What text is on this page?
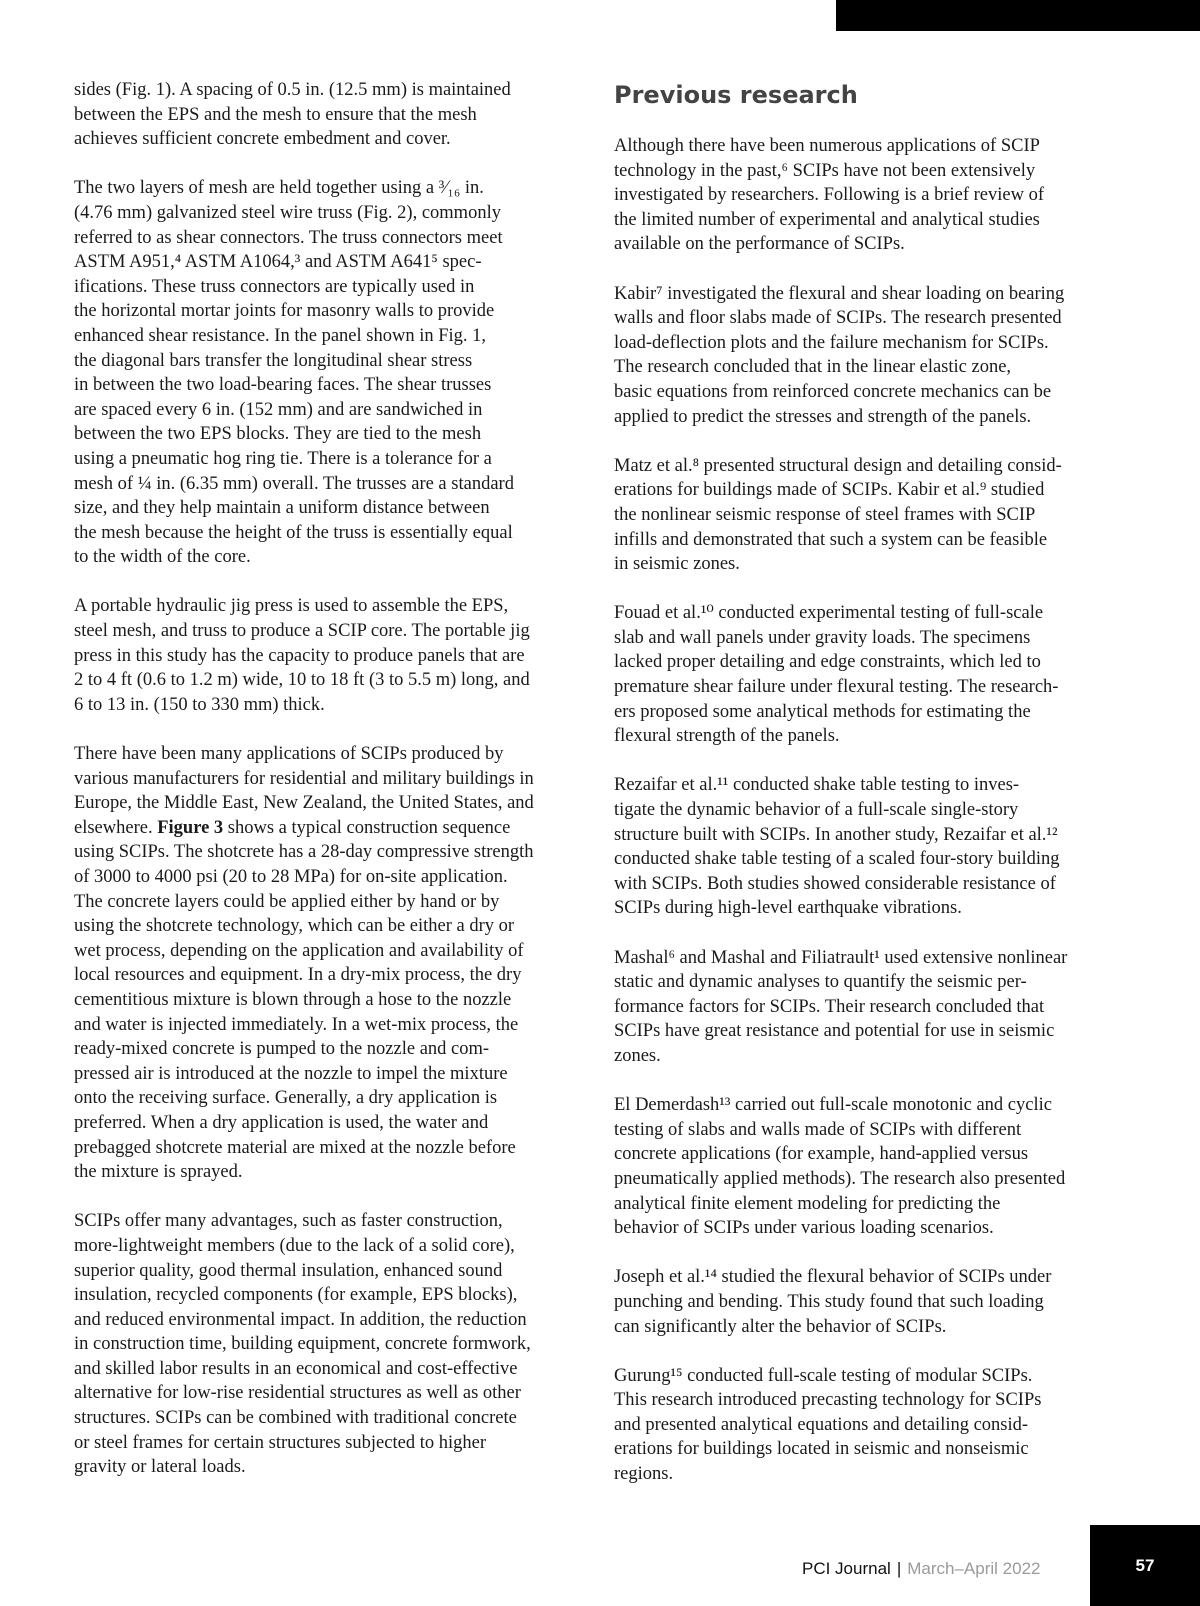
sides (Fig. 1). A spacing of 0.5 in. (12.5 mm) is maintained
between the EPS and the mesh to ensure that the mesh
achieves sufficient concrete embedment and cover.
The two layers of mesh are held together using a ³⁄₁₆ in.
(4.76 mm) galvanized steel wire truss (Fig. 2), commonly
referred to as shear connectors. The truss connectors meet
ASTM A951,⁴ ASTM A1064,³ and ASTM A641⁵ spec-
ifications. These truss connectors are typically used in
the horizontal mortar joints for masonry walls to provide
enhanced shear resistance. In the panel shown in Fig. 1,
the diagonal bars transfer the longitudinal shear stress
in between the two load-bearing faces. The shear trusses
are spaced every 6 in. (152 mm) and are sandwiched in
between the two EPS blocks. They are tied to the mesh
using a pneumatic hog ring tie. There is a tolerance for a
mesh of ¼ in. (6.35 mm) overall. The trusses are a standard
size, and they help maintain a uniform distance between
the mesh because the height of the truss is essentially equal
to the width of the core.
A portable hydraulic jig press is used to assemble the EPS,
steel mesh, and truss to produce a SCIP core. The portable jig
press in this study has the capacity to produce panels that are
2 to 4 ft (0.6 to 1.2 m) wide, 10 to 18 ft (3 to 5.5 m) long, and
6 to 13 in. (150 to 330 mm) thick.
There have been many applications of SCIPs produced by
various manufacturers for residential and military buildings in
Europe, the Middle East, New Zealand, the United States, and
elsewhere. Figure 3 shows a typical construction sequence
using SCIPs. The shotcrete has a 28-day compressive strength
of 3000 to 4000 psi (20 to 28 MPa) for on-site application.
The concrete layers could be applied either by hand or by
using the shotcrete technology, which can be either a dry or
wet process, depending on the application and availability of
local resources and equipment. In a dry-mix process, the dry
cementitious mixture is blown through a hose to the nozzle
and water is injected immediately. In a wet-mix process, the
ready-mixed concrete is pumped to the nozzle and com-
pressed air is introduced at the nozzle to impel the mixture
onto the receiving surface. Generally, a dry application is
preferred. When a dry application is used, the water and
prebagged shotcrete material are mixed at the nozzle before
the mixture is sprayed.
SCIPs offer many advantages, such as faster construction,
more-lightweight members (due to the lack of a solid core),
superior quality, good thermal insulation, enhanced sound
insulation, recycled components (for example, EPS blocks),
and reduced environmental impact. In addition, the reduction
in construction time, building equipment, concrete formwork,
and skilled labor results in an economical and cost-effective
alternative for low-rise residential structures as well as other
structures. SCIPs can be combined with traditional concrete
or steel frames for certain structures subjected to higher
gravity or lateral loads.
Previous research
Although there have been numerous applications of SCIP
technology in the past,⁶ SCIPs have not been extensively
investigated by researchers. Following is a brief review of
the limited number of experimental and analytical studies
available on the performance of SCIPs.
Kabir⁷ investigated the flexural and shear loading on bearing
walls and floor slabs made of SCIPs. The research presented
load-deflection plots and the failure mechanism for SCIPs.
The research concluded that in the linear elastic zone,
basic equations from reinforced concrete mechanics can be
applied to predict the stresses and strength of the panels.
Matz et al.⁸ presented structural design and detailing consid-
erations for buildings made of SCIPs. Kabir et al.⁹ studied
the nonlinear seismic response of steel frames with SCIP
infills and demonstrated that such a system can be feasible
in seismic zones.
Fouad et al.¹⁰ conducted experimental testing of full-scale
slab and wall panels under gravity loads. The specimens
lacked proper detailing and edge constraints, which led to
premature shear failure under flexural testing. The research-
ers proposed some analytical methods for estimating the
flexural strength of the panels.
Rezaifar et al.¹¹ conducted shake table testing to inves-
tigate the dynamic behavior of a full-scale single-story
structure built with SCIPs. In another study, Rezaifar et al.¹²
conducted shake table testing of a scaled four-story building
with SCIPs. Both studies showed considerable resistance of
SCIPs during high-level earthquake vibrations.
Mashal⁶ and Mashal and Filiatrault¹ used extensive nonlinear
static and dynamic analyses to quantify the seismic per-
formance factors for SCIPs. Their research concluded that
SCIPs have great resistance and potential for use in seismic
zones.
El Demerdash¹³ carried out full-scale monotonic and cyclic
testing of slabs and walls made of SCIPs with different
concrete applications (for example, hand-applied versus
pneumatically applied methods). The research also presented
analytical finite element modeling for predicting the
behavior of SCIPs under various loading scenarios.
Joseph et al.¹⁴ studied the flexural behavior of SCIPs under
punching and bending. This study found that such loading
can significantly alter the behavior of SCIPs.
Gurung¹⁵ conducted full-scale testing of modular SCIPs.
This research introduced precasting technology for SCIPs
and presented analytical equations and detailing consid-
erations for buildings located in seismic and nonseismic
regions.
PCI Journal | March–April 2022	57
